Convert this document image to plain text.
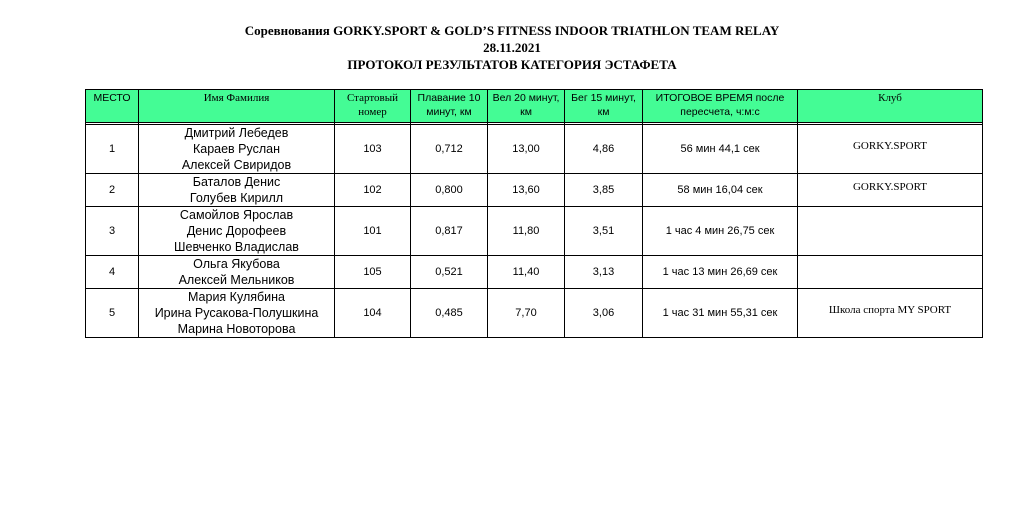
Соревнования GORKY.SPORT & GOLD’S FITNESS INDOOR TRIATHLON TEAM RELAY
28.11.2021
ПРОТОКОЛ РЕЗУЛЬТАТОВ КАТЕГОРИЯ ЭСТАФЕТА
МЕСТО	Имя Фамилия	Стартовый номер	Плавание 10 минут, км	Вел 20 минут, км	Бег 15 минут, км	ИТОГОВОЕ ВРЕМЯ после пересчета, ч:м:с	Клуб

1	Дмитрий Лебедев
Караев Руслан
Алексей Свиридов	103	0,712	13,00	4,86	56 мин 44,1 сек	GORKY.SPORT
2	Баталов Денис
Голубев Кирилл	102	0,800	13,60	3,85	58 мин 16,04 сек	GORKY.SPORT
3	Самойлов Ярослав
Денис Дорофеев
Шевченко Владислав	101	0,817	11,80	3,51	1 час 4 мин 26,75 сек	
4	Ольга Якубова
Алексей Мельников	105	0,521	11,40	3,13	1 час 13 мин 26,69 сек	
5	Мария Кулябина
Ирина Русакова-Полушкина
Марина Новоторова	104	0,485	7,70	3,06	1 час 31 мин 55,31 сек	Школа спорта MY SPORT
